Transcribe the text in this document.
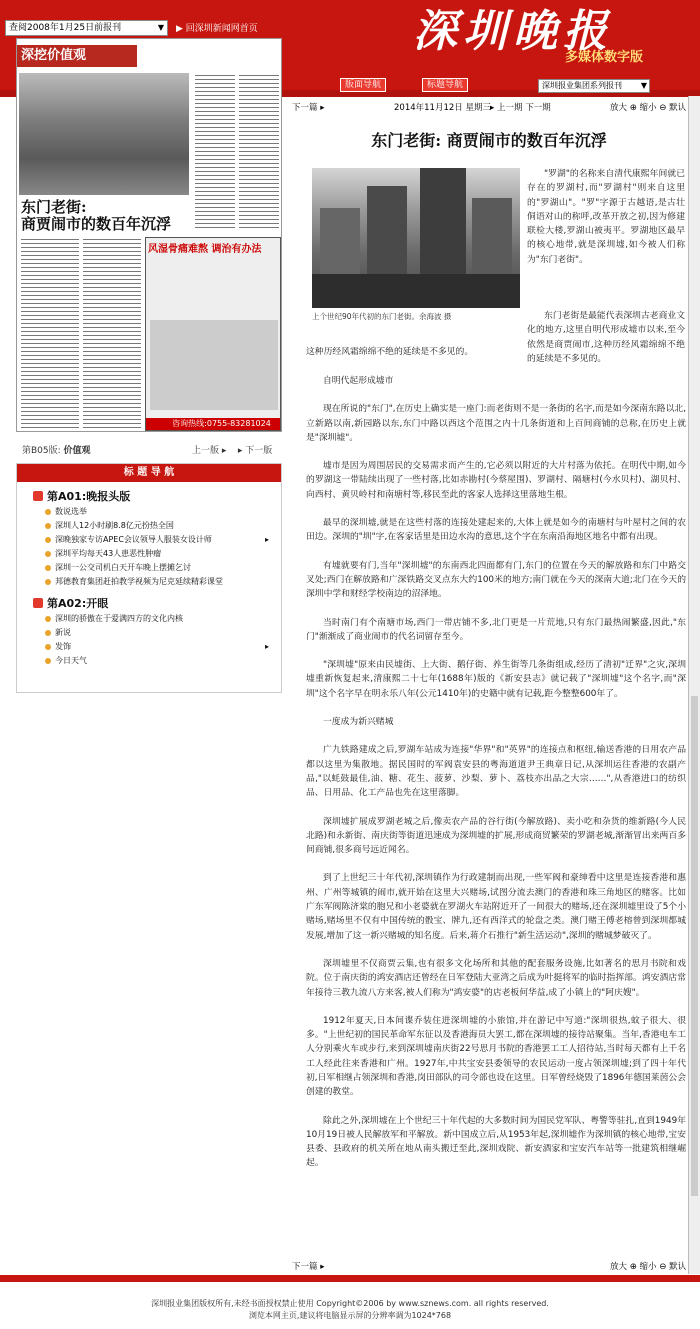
查阅2008年1月25日前报刊	▼ ▶ 回深圳新闻网首页	深圳晚报
多媒体数字版
版面导航	标题导航	深圳报业集团系列报刊 ▼
深挖价值观
东门老街:
商贾闹市的数百年沉浮
风湿骨痛难熬 调治有办法
咨询热线:0755-83281024
第B05版: 价值观	上一版 ▸ ▸ 下一版
标 题 导 航
第A01:晚报头版
数说选举
深圳人12小时刷8.8亿元扮热全国
深晚独家专访APEC会议领导人服装女设计师	▸
深圳平均每天43人患恶性肿瘤
深圳一公交司机白天开车晚上摆摊乞讨
邦德教育集团赶拍教学视频为尼克延续精彩课堂
第A02:开眼
深圳的骄傲在于爱满四方的文化内核
新说
发饰	▸
今日天气
下一篇 ▸	2014年11月12日 星期三 ▸ 上一期 下一期	放大 ⊕ 缩小 ⊖ 默认
东门老街: 商贾闹市的数百年沉浮
上个世纪90年代初的东门老街。余海波 摄
"罗湖"的名称来自清代康熙年间就已存在的罗湖村,而"罗湖村"则来自这里的"罗湖山"。"罗"字源于古越语,是古壮侗语对山的称呼,改革开放之初,因为修建联检大楼,罗湖山被夷平。罗湖地区最早的核心地带,就是深圳墟,如今被人们称为"东门老街"。
东门老街是最能代表深圳古老商业文化的地方,这里自明代形成墟市以来,至今依然是商贾闹市,这种历经风霜绵绵不绝的延续是不多见的。
这种历经风霜绵绵不绝的延续是不多见的。
自明代起形成墟市
现在所说的"东门",在历史上确实是一座门:而老街则不是一条街的名字,而是如今深南东路以北,立新路以南,新园路以东,东门中路以西这个范围之内十几条街道和上百间商铺的总称,在历史上就是"深圳墟"。
墟市是因为周围居民的交易需求而产生的,它必须以附近的大片村落为依托。在明代中期,如今的罗湖这一带陆续出现了一些村落,比如赤勘村(今蔡屋围)、罗湖村、隔塘村(今水贝村)、湖贝村、向西村、黄贝岭村和南塘村等,移民至此的客家人选择这里落地生根。
最早的深圳墟,就是在这些村落的连接处建起来的,大体上就是如今的南塘村与叶屋村之间的农田边。深圳的"圳"字,在客家话里是田边水沟的意思,这个字在东南沿海地区地名中都有出现。
有墟就要有门,当年"深圳墟"的东南西北四面都有门,东门的位置在今天的解放路和东门中路交叉处;西门在解放路和广深铁路交叉点东大约100米的地方;南门就在今天的深南大道;北门在今天的深圳中学和财经学校南边的沼泽地。
当时南门有个南塘市场,西门一带店铺不多,北门更是一片荒地,只有东门最热闹繁盛,因此,"东门"渐渐成了商业闹市的代名词留存至今。
"深圳墟"原来由民墟街、上大街、鹅仔街、养生街等几条街组成,经历了清初"迁界"之灾,深圳墟重新恢复起来,清康熙二十七年(1688年)版的《新安县志》就记载了"深圳墟"这个名字,而"深圳"这个名字早在明永乐八年(公元1410年)的史籍中就有记载,距今整整600年了。
一度成为新兴赌城
广九铁路建成之后,罗湖车站成为连接"华界"和"英界"的连接点和枢纽,输送香港的日用农产品都以这里为集散地。据民国时的军阀袁安县的粤海道道尹王典章日记,从深圳运往香港的农副产品,"以蚝鼓最佳,油、糖、花生、菠萝、沙梨、萝卜、荔枝亦出品之大宗……",从香港进口的纺织品、日用品、化工产品也先在这里落脚。
深圳墟扩展成罗湖老城之后,像卖农产品的谷行街(今解放路)、卖小吃和杂货的维新路(今人民北路)和永新街、南庆街等街道迅速成为深圳墟的扩展,形成商贸繁荣的罗湖老城,渐渐冒出来两百多间商铺,很多商号远近闻名。
到了上世纪三十年代初,深圳镇作为行政建制而出现,一些军阀和豪绅看中这里是连接香港和惠州、广州等城镇的闹市,就开始在这里大兴赌场,试图分流去澳门的香港和珠三角地区的赌客。比如广东军阀陈济棠的胞兄和小老婆就在罗湖火车站附近开了一间很大的赌场,还在深圳墟里设了5个小赌场,赌场里不仅有中国传统的骰宝、牌九,还有西洋式的轮盘之类。澳门赌王傅老榕曾到深圳都城发展,增加了这一新兴赌城的知名度。后来,蒋介石推行"新生活运动",深圳的赌城梦破灭了。
深圳墟里不仅商贾云集,也有很多文化场所和其他的配套服务设施,比如著名的思月书院和戏院。位于南庆街的鸿安酒店还曾经在日军登陆大亚湾之后成为叶挺将军的临时指挥部。鸿安酒店常年接待三教九流八方来客,被人们称为"鸿安婆"的店老板何华益,成了小镇上的"阿庆嫂"。
1912年夏天,日本间谍乔装住进深圳墟的小旅馆,并在游记中写道:"深圳很热,蚊子很大、很多。"上世纪初的国民革命军东征以及香港海员大罢工,都在深圳墟的接待站聚集。当年,香港电车工人分别乘火车或步行,来到深圳墟南庆街22号思月书院的香港罢工工人招待站,当时每天都有上千名工人经此往来香港和广州。1927年,中共宝安县委领导的农民运动一度占领深圳墟;到了四十年代初,日军相继占领深圳和香港,岗田部队的司令部也设在这里。日军曾经烧毁了1896年德国莱茵公会创建的教堂。
除此之外,深圳墟在上个世纪三十年代起的大多数时间为国民党军队、粤警等驻扎,直到1949年10月19日被人民解放军和平解放。新中国成立后,从1953年起,深圳墟作为深圳镇的核心地带,宝安县委、县政府的机关所在地从南头搬迁至此,深圳戏院、新安酒家和宝安汽车站等一批建筑相继崛起。
下一篇 ▸	放大 ⊕ 缩小 ⊖ 默认
深圳报业集团版权所有,未经书面授权禁止使用 Copyright©2006 by www.sznews.com. all rights reserved.
浏览本网主页,建议将电脑显示屏的分辨率调为1024*768
